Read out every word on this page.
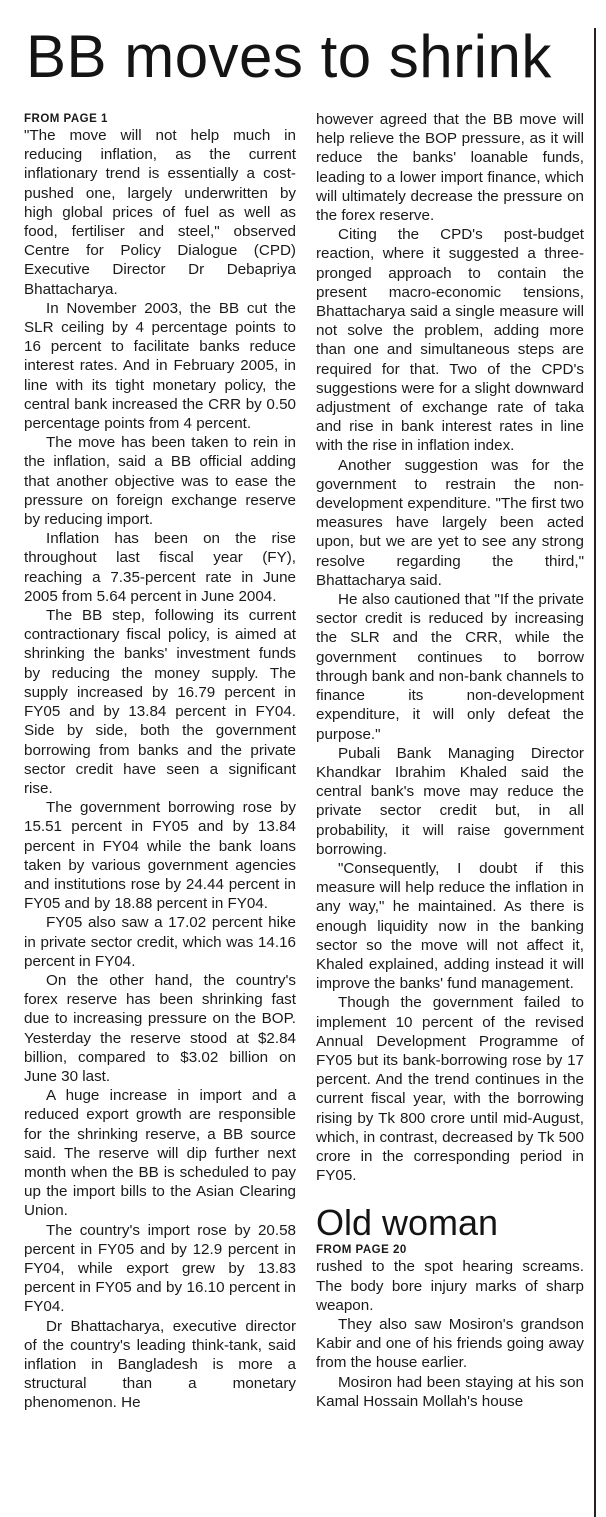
BB moves to shrink
FROM PAGE 1

"The move will not help much in reducing inflation, as the current inflationary trend is essentially a cost-pushed one, largely underwritten by high global prices of fuel as well as food, fertiliser and steel," observed Centre for Policy Dialogue (CPD) Executive Director Dr Debapriya Bhattacharya.

In November 2003, the BB cut the SLR ceiling by 4 percentage points to 16 percent to facilitate banks reduce interest rates. And in February 2005, in line with its tight monetary policy, the central bank increased the CRR by 0.50 percentage points from 4 percent.

The move has been taken to rein in the inflation, said a BB official adding that another objective was to ease the pressure on foreign exchange reserve by reducing import.

Inflation has been on the rise throughout last fiscal year (FY), reaching a 7.35-percent rate in June 2005 from 5.64 percent in June 2004.

The BB step, following its current contractionary fiscal policy, is aimed at shrinking the banks' investment funds by reducing the money supply. The supply increased by 16.79 percent in FY05 and by 13.84 percent in FY04. Side by side, both the government borrowing from banks and the private sector credit have seen a significant rise.

The government borrowing rose by 15.51 percent in FY05 and by 13.84 percent in FY04 while the bank loans taken by various government agencies and institutions rose by 24.44 percent in FY05 and by 18.88 percent in FY04.

FY05 also saw a 17.02 percent hike in private sector credit, which was 14.16 percent in FY04.

On the other hand, the country's forex reserve has been shrinking fast due to increasing pressure on the BOP. Yesterday the reserve stood at $2.84 billion, compared to $3.02 billion on June 30 last.

A huge increase in import and a reduced export growth are responsible for the shrinking reserve, a BB source said. The reserve will dip further next month when the BB is scheduled to pay up the import bills to the Asian Clearing Union.

The country's import rose by 20.58 percent in FY05 and by 12.9 percent in FY04, while export grew by 13.83 percent in FY05 and by 16.10 percent in FY04.

Dr Bhattacharya, executive director of the country's leading think-tank, said inflation in Bangladesh is more a structural than a monetary phenomenon. He

however agreed that the BB move will help relieve the BOP pressure, as it will reduce the banks' loanable funds, leading to a lower import finance, which will ultimately decrease the pressure on the forex reserve.

Citing the CPD's post-budget reaction, where it suggested a three-pronged approach to contain the present macro-economic tensions, Bhattacharya said a single measure will not solve the problem, adding more than one and simultaneous steps are required for that. Two of the CPD's suggestions were for a slight downward adjustment of exchange rate of taka and rise in bank interest rates in line with the rise in inflation index.

Another suggestion was for the government to restrain the non-development expenditure. "The first two measures have largely been acted upon, but we are yet to see any strong resolve regarding the third," Bhattacharya said.

He also cautioned that "If the private sector credit is reduced by increasing the SLR and the CRR, while the government continues to borrow through bank and non-bank channels to finance its non-development expenditure, it will only defeat the purpose."

Pubali Bank Managing Director Khandkar Ibrahim Khaled said the central bank's move may reduce the private sector credit but, in all probability, it will raise government borrowing.

"Consequently, I doubt if this measure will help reduce the inflation in any way," he maintained. As there is enough liquidity now in the banking sector so the move will not affect it, Khaled explained, adding instead it will improve the banks' fund management.

Though the government failed to implement 10 percent of the revised Annual Development Programme of FY05 but its bank-borrowing rose by 17 percent. And the trend continues in the current fiscal year, with the borrowing rising by Tk 800 crore until mid-August, which, in contrast, decreased by Tk 500 crore in the corresponding period in FY05.

Old woman
FROM PAGE 20

rushed to the spot hearing screams. The body bore injury marks of sharp weapon.

They also saw Mosiron's grandson Kabir and one of his friends going away from the house earlier.

Mosiron had been staying at his son Kamal Hossain Mollah's house
